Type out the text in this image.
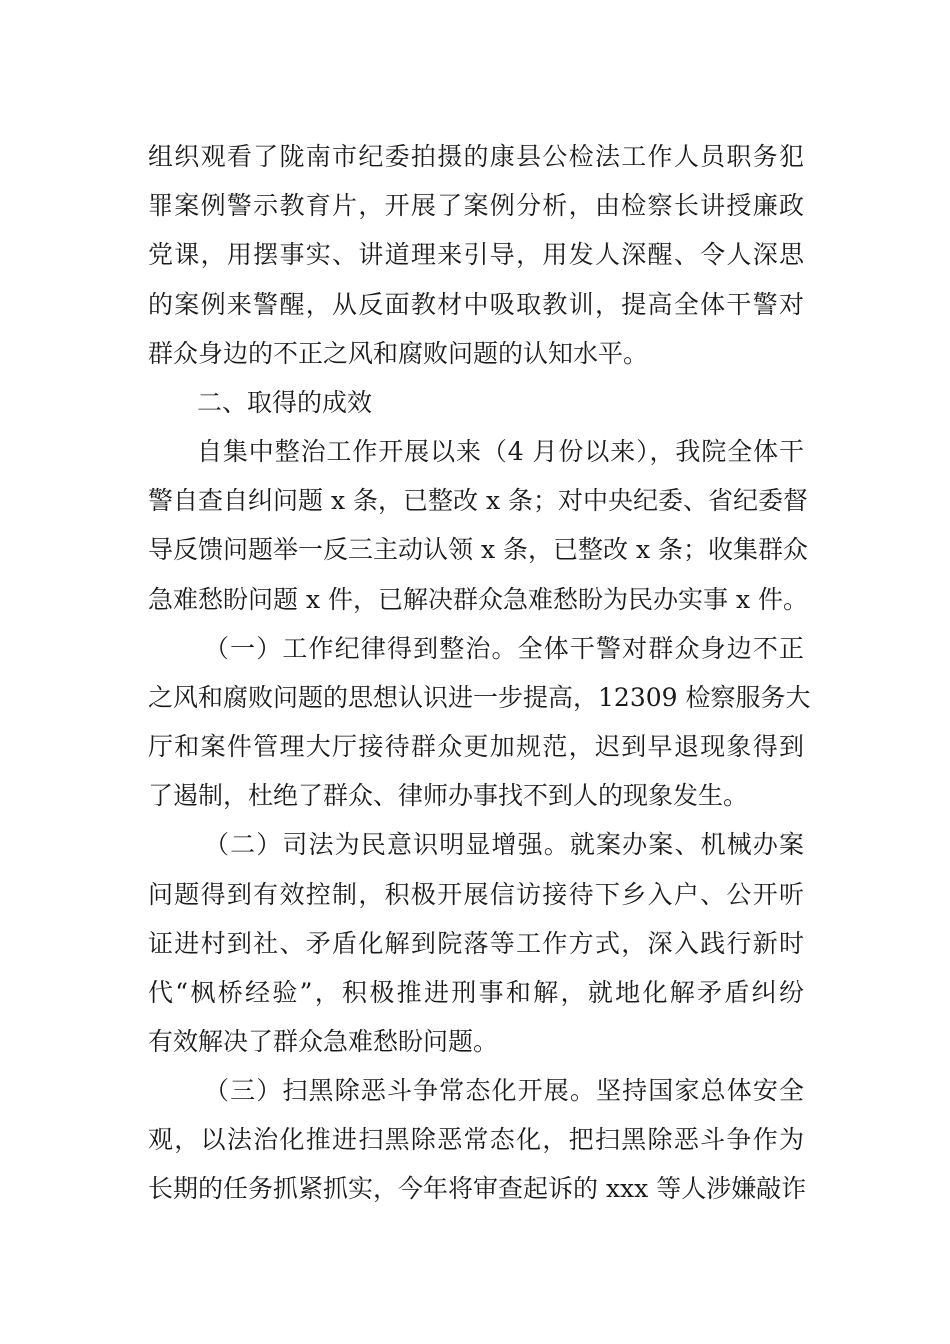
组织观看了陇南市纪委拍摄的康县公检法工作人员职务犯
罪案例警示教育片，开展了案例分析，由检察长讲授廉政
党课，用摆事实、讲道理来引导，用发人深醒、令人深思
的案例来警醒，从反面教材中吸取教训，提高全体干警对
群众身边的不正之风和腐败问题的认知水平。
二、取得的成效
自集中整治工作开展以来（4 月份以来），我院全体干
警自查自纠问题 x 条，已整改 x 条；对中央纪委、省纪委督
导反馈问题举一反三主动认领 x 条，已整改 x 条；收集群众
急难愁盼问题 x 件，已解决群众急难愁盼为民办实事 x 件。
（一）工作纪律得到整治。全体干警对群众身边不正
之风和腐败问题的思想认识进一步提高，12309 检察服务大
厅和案件管理大厅接待群众更加规范，迟到早退现象得到
了遏制，杜绝了群众、律师办事找不到人的现象发生。
（二）司法为民意识明显增强。就案办案、机械办案
问题得到有效控制，积极开展信访接待下乡入户、公开听
证进村到社、矛盾化解到院落等工作方式，深入践行新时
代“枫桥经验”，积极推进刑事和解，就地化解矛盾纠纷
有效解决了群众急难愁盼问题。
（三）扫黑除恶斗争常态化开展。坚持国家总体安全
观，以法治化推进扫黑除恶常态化，把扫黑除恶斗争作为
长期的任务抓紧抓实，今年将审查起诉的 xxx 等人涉嫌敲诈
